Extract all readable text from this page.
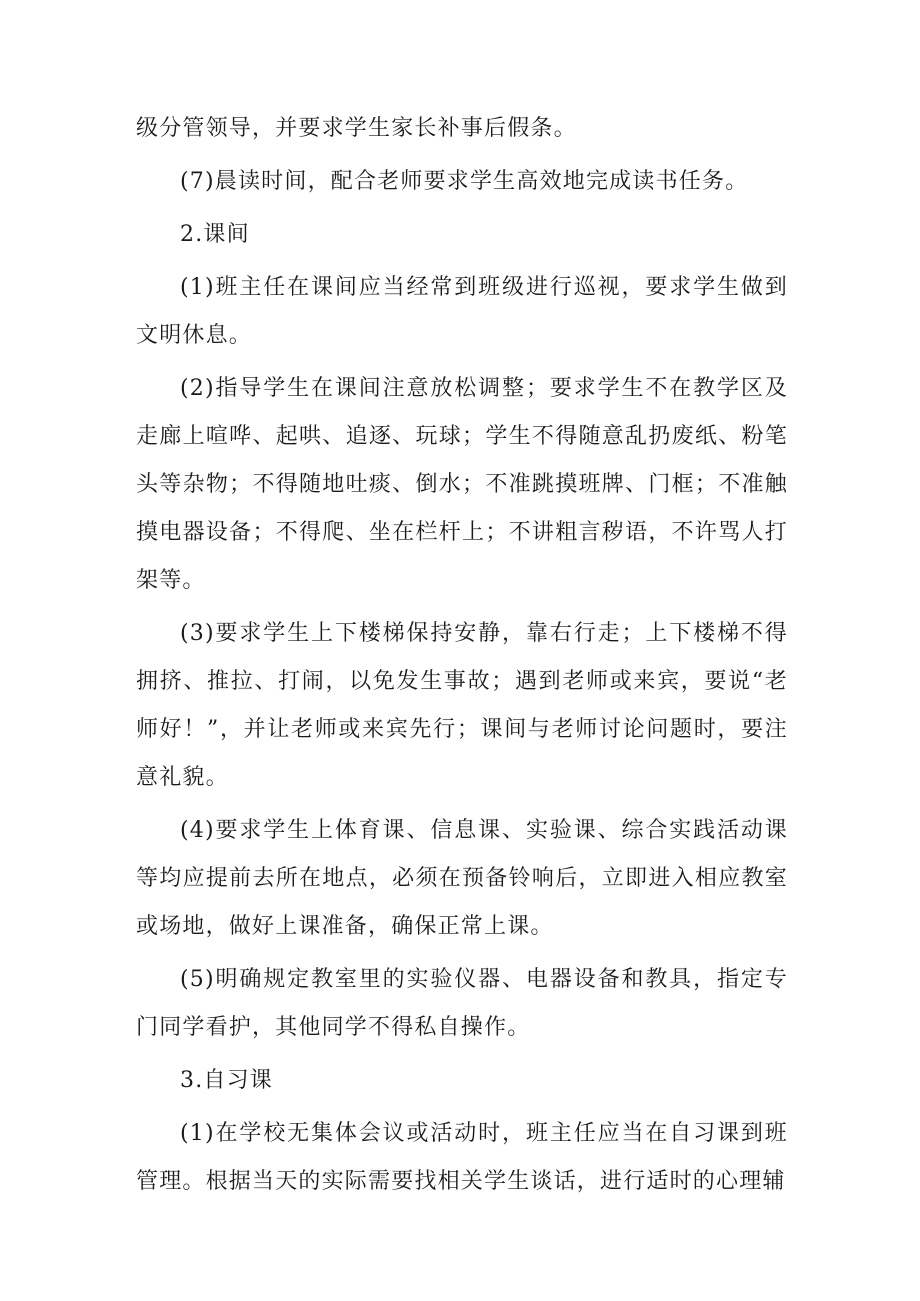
级分管领导，并要求学生家长补事后假条。

(7)晨读时间，配合老师要求学生高效地完成读书任务。

2.课间

(1)班主任在课间应当经常到班级进行巡视，要求学生做到文明休息。

(2)指导学生在课间注意放松调整；要求学生不在教学区及走廊上喧哗、起哄、追逐、玩球；学生不得随意乱扔废纸、粉笔头等杂物；不得随地吐痰、倒水；不准跳摸班牌、门框；不准触摸电器设备；不得爬、坐在栏杆上；不讲粗言秽语，不许骂人打架等。

(3)要求学生上下楼梯保持安静，靠右行走；上下楼梯不得拥挤、推拉、打闹，以免发生事故；遇到老师或来宾，要说“老师好！”，并让老师或来宾先行；课间与老师讨论问题时，要注意礼貌。

(4)要求学生上体育课、信息课、实验课、综合实践活动课等均应提前去所在地点，必须在预备铃响后，立即进入相应教室或场地，做好上课准备，确保正常上课。

(5)明确规定教室里的实验仪器、电器设备和教具，指定专门同学看护，其他同学不得私自操作。

3.自习课

(1)在学校无集体会议或活动时，班主任应当在自习课到班管理。根据当天的实际需要找相关学生谈话，进行适时的心理辅
